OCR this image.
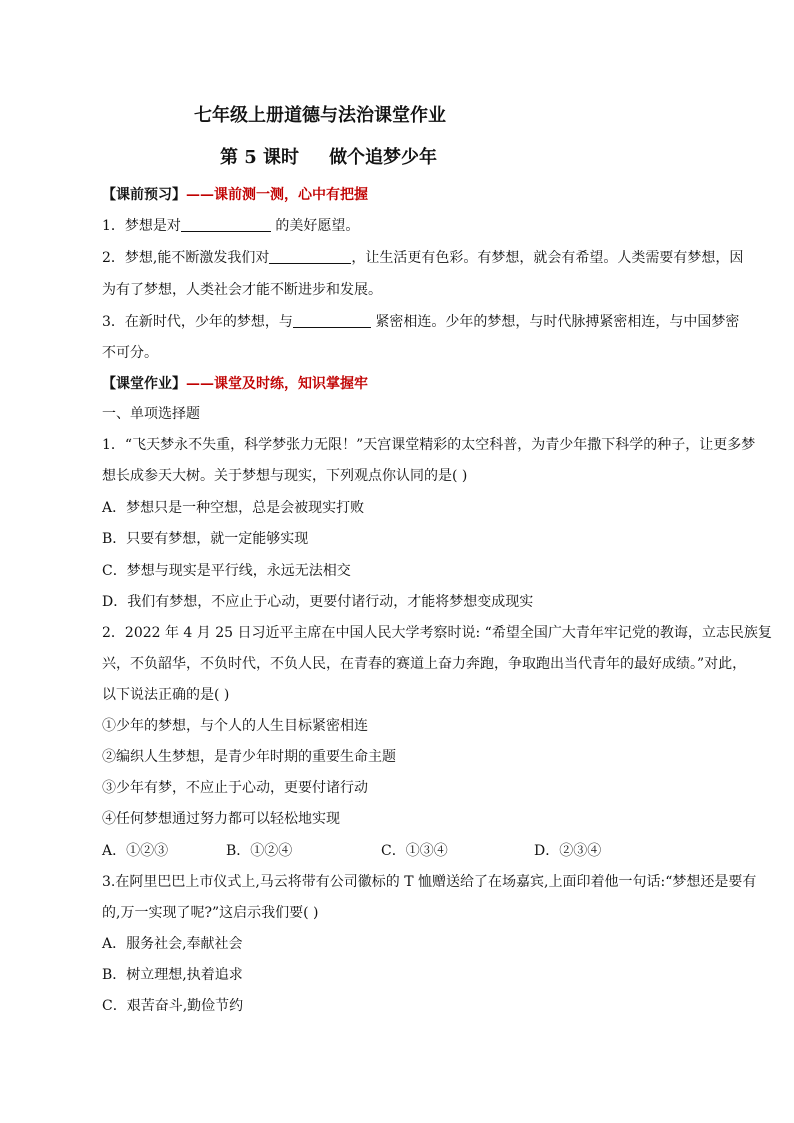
七年级上册道德与法治课堂作业
第 5 课时 做个追梦少年
【课前预习】——课前测一测，心中有把握
1．梦想是对	的美好愿望。
2．梦想,能不断激发我们对	，让生活更有色彩。有梦想，就会有希望。人类需要有梦想，因
为有了梦想，人类社会才能不断进步和发展。
3．在新时代，少年的梦想，与	紧密相连。少年的梦想，与时代脉搏紧密相连，与中国梦密
不可分。
【课堂作业】——课堂及时练，知识掌握牢
一、单项选择题
1．“飞天梦永不失重，科学梦张力无限！”天宫课堂精彩的太空科普，为青少年撒下科学的种子，让更多梦
想长成参天大树。关于梦想与现实，下列观点你认同的是( )
A．梦想只是一种空想，总是会被现实打败
B．只要有梦想，就一定能够实现
C．梦想与现实是平行线，永远无法相交
D．我们有梦想，不应止于心动，更要付诸行动，才能将梦想变成现实
2．2022 年 4 月 25 日习近平主席在中国人民大学考察时说: “希望全国广大青年牢记党的教诲，立志民族复
兴，不负韶华，不负时代，不负人民，在青春的赛道上奋力奔跑，争取跑出当代青年的最好成绩。”对此，
以下说法正确的是( )
①少年的梦想，与个人的人生目标紧密相连
②编织人生梦想，是青少年时期的重要生命主题
③少年有梦，不应止于心动，更要付诸行动
④任何梦想通过努力都可以轻松地实现
A．①②③	B．①②④	C．①③④	D．②③④
3.在阿里巴巴上市仪式上,马云将带有公司徽标的 T 恤赠送给了在场嘉宾,上面印着他一句话:“梦想还是要有
的,万一实现了呢?”这启示我们要( )
A．服务社会,奉献社会
B．树立理想,执着追求
C．艰苦奋斗,勤俭节约
